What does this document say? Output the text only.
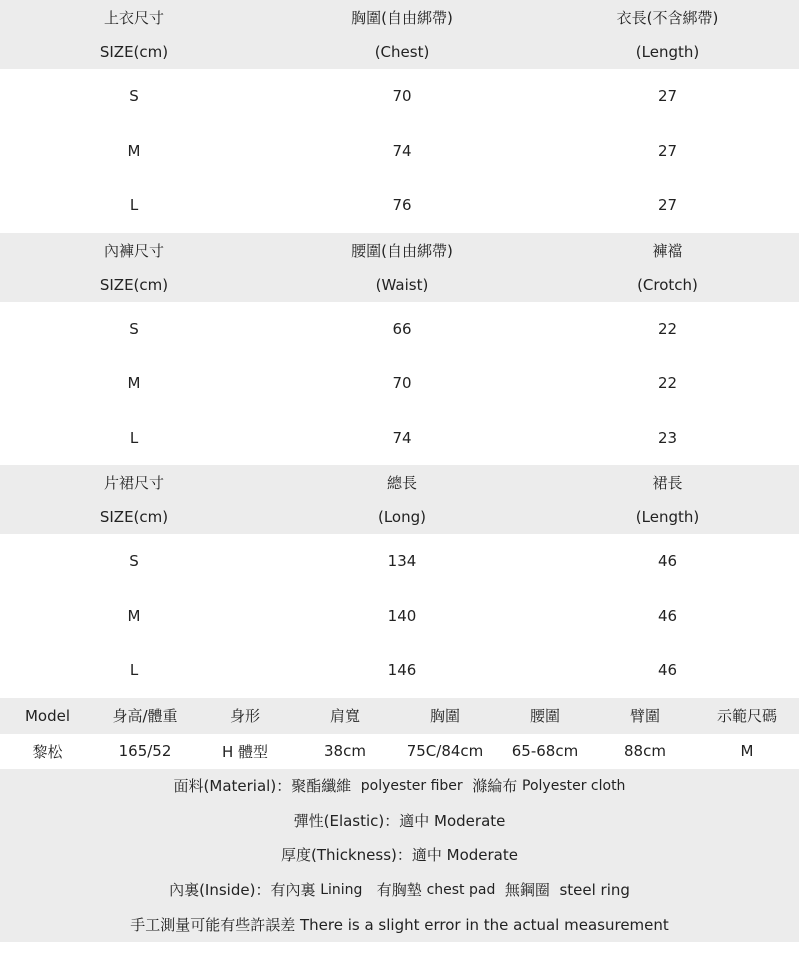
上衣尺寸	胸圍(自由綁帶)	衣長(不含綁帶)
SIZE(cm)	(Chest)	(Length)
S	70	27
M	74	27
L	76	27
內褲尺寸	腰圍(自由綁帶)	褲襠
SIZE(cm)	(Waist)	(Crotch)
S	66	22
M	70	22
L	74	23
片裙尺寸	總長	裙長
SIZE(cm)	(Long)	(Length)
S	134	46
M	140	46
L	146	46
Model	身高/體重	身形	肩寬	胸圍	腰圍	臂圍	示範尺碼
黎松	165/52	H 體型	38cm	75C/84cm	65-68cm	88cm	M
面料(Material)：聚酯纖維
polyester fiber
滌綸布
Polyester cloth
彈性(Elastic)：適中 Moderate
厚度(Thickness)：適中 Moderate
內裏(Inside)：有內裏
Lining
有胸墊
chest pad
無鋼圈
steel ring
手工測量可能有些許誤差 There is a slight error in the actual measurement
